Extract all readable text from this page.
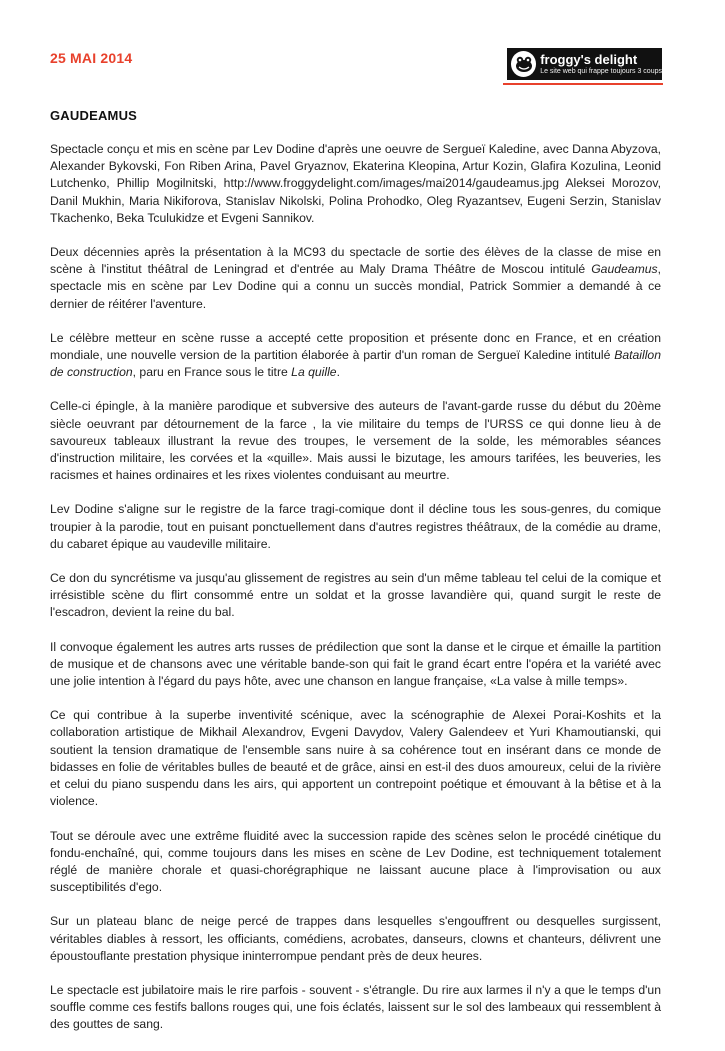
25 MAI 2014	froggy's delight
Le site web qui frappe toujours 3 coups
GAUDEAMUS

Spectacle conçu et mis en scène par Lev Dodine d'après une oeuvre de Sergueï Kaledine, avec Danna Abyzova, Alexander Bykovski, Fon Riben Arina, Pavel Gryaznov, Ekaterina Kleopina, Artur Kozin, Glafira Kozulina, Leonid Lutchenko, Phillip Mogilnitski, http://www.froggydelight.com/images/mai2014/gaudeamus.jpg Aleksei Morozov, Danil Mukhin, Maria Nikiforova, Stanislav Nikolski, Polina Prohodko, Oleg Ryazantsev, Eugeni Serzin, Stanislav Tkachenko, Beka Tculukidze et Evgeni Sannikov.

Deux décennies après la présentation à la MC93 du spectacle de sortie des élèves de la classe de mise en scène à l'institut théâtral de Leningrad et d'entrée au Maly Drama Théâtre de Moscou intitulé Gaudeamus, spectacle mis en scène par Lev Dodine qui a connu un succès mondial, Patrick Sommier a demandé à ce dernier de réitérer l'aventure.

Le célèbre metteur en scène russe a accepté cette proposition et présente donc en France, et en création mondiale, une nouvelle version de la partition élaborée à partir d'un roman de Sergueï Kaledine intitulé Bataillon de construction, paru en France sous le titre La quille.

Celle-ci épingle, à la manière parodique et subversive des auteurs de l'avant-garde russe du début du 20ème siècle oeuvrant par détournement de la farce , la vie militaire du temps de l'URSS ce qui donne lieu à de savoureux tableaux illustrant la revue des troupes, le versement de la solde, les mémorables séances d'instruction militaire, les corvées et la «quille». Mais aussi le bizutage, les amours tarifées, les beuveries, les racismes et haines ordinaires et les rixes violentes conduisant au meurtre.

Lev Dodine s'aligne sur le registre de la farce tragi-comique dont il décline tous les sous-genres, du comique troupier à la parodie, tout en puisant ponctuellement dans d'autres registres théâtraux, de la comédie au drame, du cabaret épique au vaudeville militaire.

Ce don du syncrétisme va jusqu'au glissement de registres au sein d'un même tableau tel celui de la comique et irrésistible scène du flirt consommé entre un soldat et la grosse lavandière qui, quand surgit le reste de l'escadron, devient la reine du bal.

Il convoque également les autres arts russes de prédilection que sont la danse et le cirque et émaille la partition de musique et de chansons avec une véritable bande-son qui fait le grand écart entre l'opéra et la variété avec une jolie intention à l'égard du pays hôte, avec une chanson en langue française, «La valse à mille temps».

Ce qui contribue à la superbe inventivité scénique, avec la scénographie de Alexei Porai-Koshits et la collaboration artistique de Mikhail Alexandrov, Evgeni Davydov, Valery Galendeev et Yuri Khamoutianski, qui soutient la tension dramatique de l'ensemble sans nuire à sa cohérence tout en insérant dans ce monde de bidasses en folie de véritables bulles de beauté et de grâce, ainsi en est-il des duos amoureux, celui de la rivière et celui du piano suspendu dans les airs, qui apportent un contrepoint poétique et émouvant à la bêtise et à la violence.

Tout se déroule avec une extrême fluidité avec la succession rapide des scènes selon le procédé cinétique du fondu-enchaîné, qui, comme toujours dans les mises en scène de Lev Dodine, est techniquement totalement réglé de manière chorale et quasi-chorégraphique ne laissant aucune place à l'improvisation ou aux susceptibilités d'ego.

Sur un plateau blanc de neige percé de trappes dans lesquelles s'engouffrent ou desquelles surgissent, véritables diables à ressort, les officiants, comédiens, acrobates, danseurs, clowns et chanteurs, délivrent une époustouflante prestation physique ininterrompue pendant près de deux heures.

Le spectacle est jubilatoire mais le rire parfois - souvent - s'étrangle. Du rire aux larmes il n'y a que le temps d'un souffle comme ces festifs ballons rouges qui, une fois éclatés, laissent sur le sol des lambeaux qui ressemblent à des gouttes de sang.
